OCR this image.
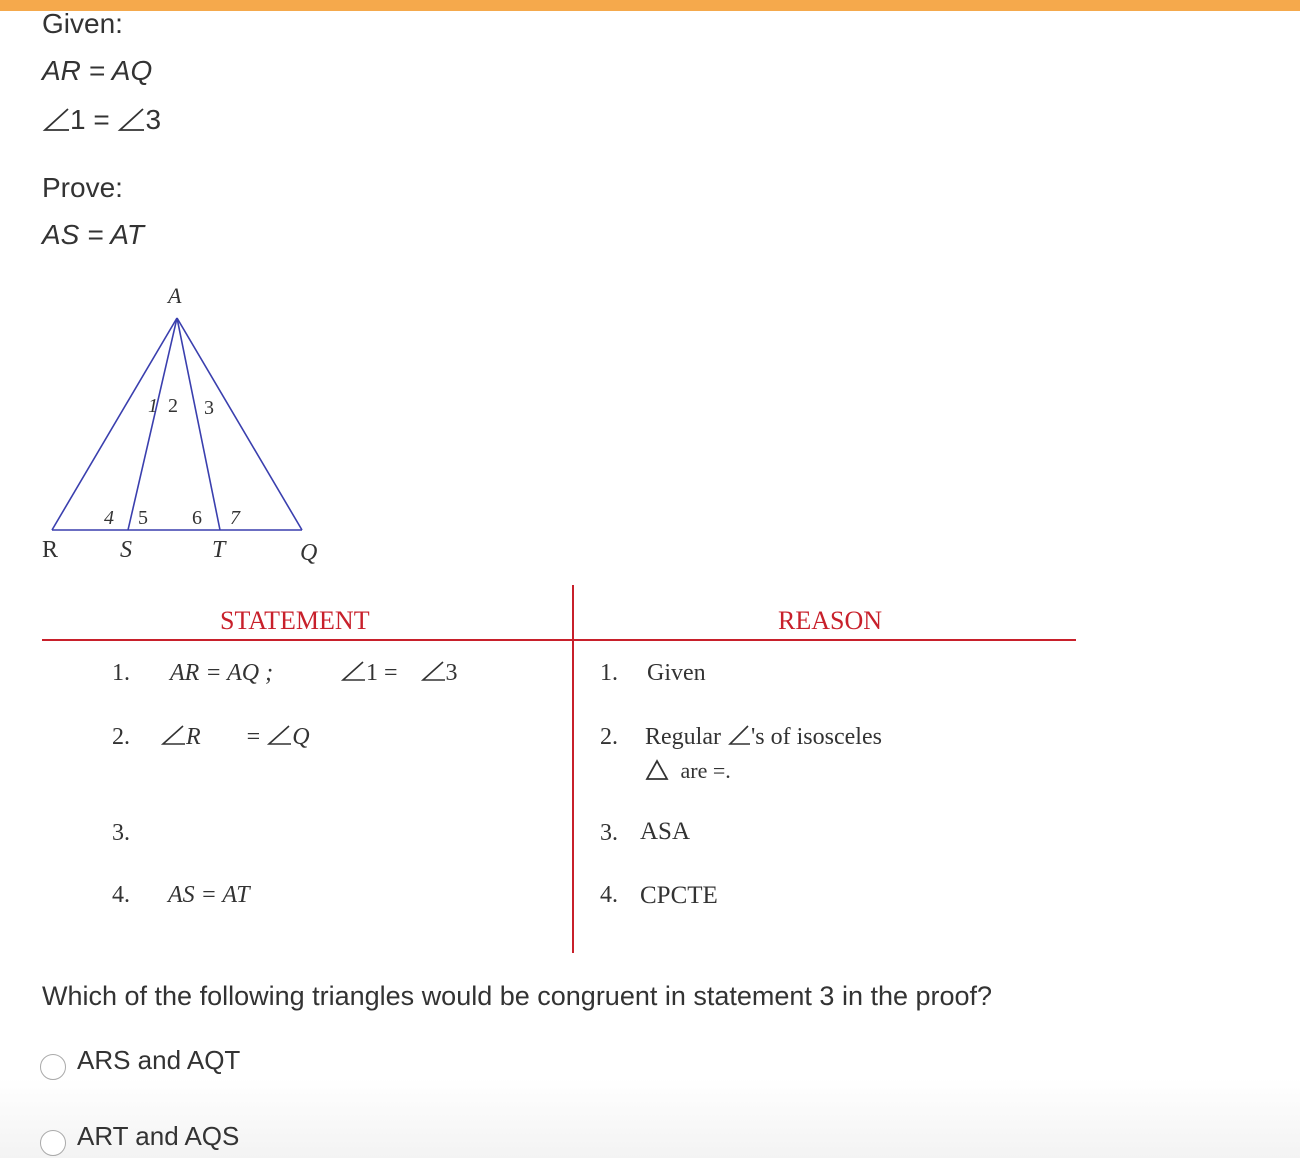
Given:
AR = AQ
1 = 3
Prove:
AS = AT
A
R	S	T	Q
1 2 3
4 5 6 7
STATEMENT	REASON
1. AR = AQ ;	1 = 3	1. Given
2.	R = Q	2. Regular 's of isosceles
are =.
3.	3. ASA
4. AS = AT	4. CPCTE
Which of the following triangles would be congruent in statement 3 in the proof?
ARS and AQT
ART and AQS
